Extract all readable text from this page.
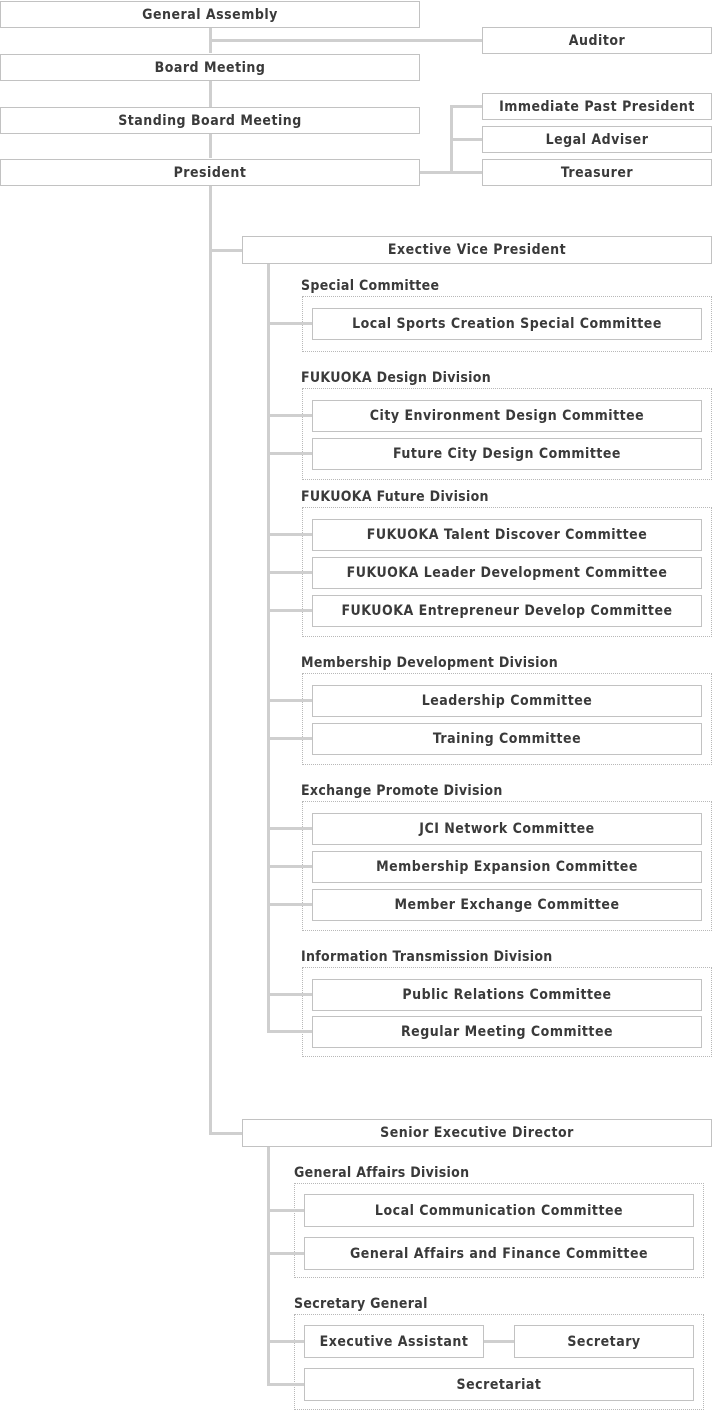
General Assembly
Auditor
Board Meeting
Standing Board Meeting
President
Immediate Past President
Legal Adviser
Treasurer
Exective Vice President
Senior Executive Director
Special Committee
Local Sports Creation Special Committee
FUKUOKA Design Division
City Environment Design Committee
Future City Design Committee
FUKUOKA Future Division
FUKUOKA Talent Discover Committee
FUKUOKA Leader Development Committee
FUKUOKA Entrepreneur Develop Committee
Membership Development Division
Leadership Committee
Training Committee
Exchange Promote Division
JCI Network Committee
Membership Expansion Committee
Member Exchange Committee
Information Transmission Division
Public Relations Committee
Regular Meeting Committee
General Affairs Division
Local Communication Committee
General Affairs and Finance Committee
Secretary General
Executive Assistant	Secretary
Secretariat
